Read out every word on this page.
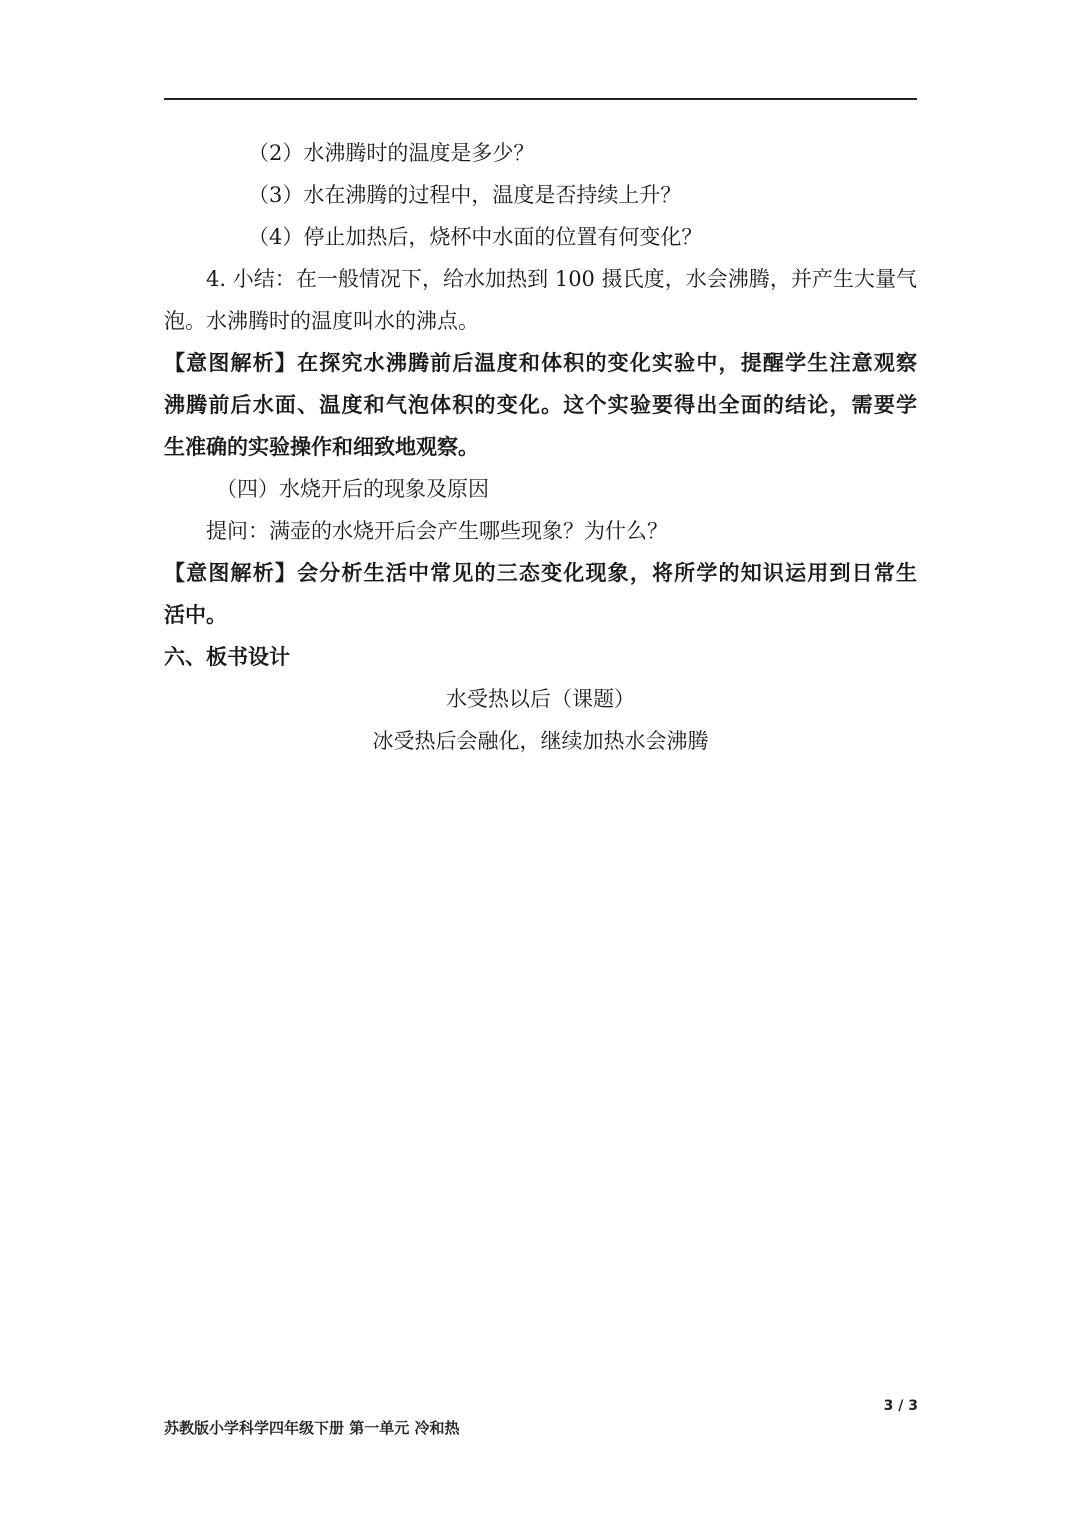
（2）水沸腾时的温度是多少？
（3）水在沸腾的过程中，温度是否持续上升？
（4）停止加热后，烧杯中水面的位置有何变化？
4. 小结：在一般情况下，给水加热到 100 摄氏度，水会沸腾，并产生大量气
泡。水沸腾时的温度叫水的沸点。
【意图解析】在探究水沸腾前后温度和体积的变化实验中，提醒学生注意观察
沸腾前后水面、温度和气泡体积的变化。这个实验要得出全面的结论，需要学
生准确的实验操作和细致地观察。
（四）水烧开后的现象及原因
提问：满壶的水烧开后会产生哪些现象？为什么？
【意图解析】会分析生活中常见的三态变化现象，将所学的知识运用到日常生
活中。
六、板书设计
水受热以后（课题）
冰受热后会融化，继续加热水会沸腾
3 / 3
苏教版小学科学四年级下册 第一单元 冷和热
